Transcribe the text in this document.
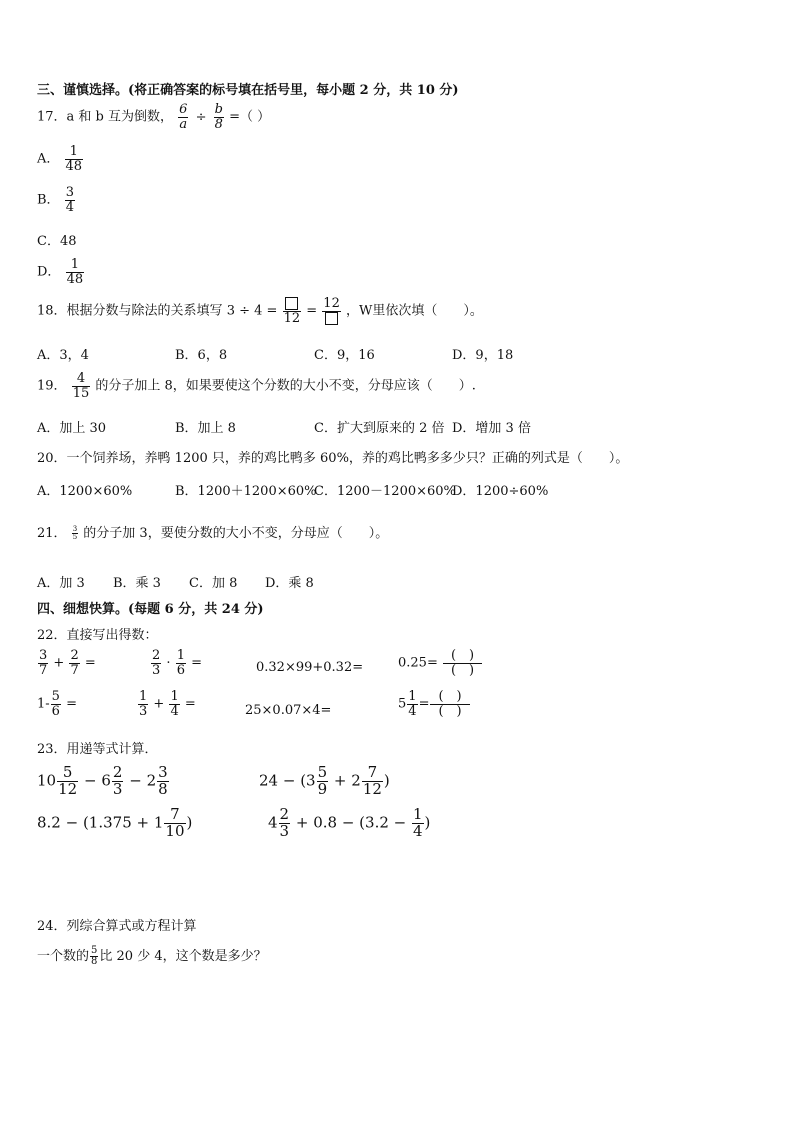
三、谨慎选择。(将正确答案的标号填在括号里，每小题 2 分，共 10 分)
17．a 和 b 互为倒数， $\frac{6}{a} \div \frac{b}{8}$ =（ ）
A． $\frac{1}{48}$
B． $\frac{3}{4}$
C．48
D． $\frac{1}{48}$
18．根据分数与除法的关系填写 3 ÷ 4 = 12 =
12
，W里依次填（　　）。
A．3，4	B．6，8	C．9，16	D．9，18
19． $\frac{4}{15}$ 的分子加上 8，如果要使这个分数的大小不变，分母应该（　　）.
A．加上 30	B．加上 8	C．扩大到原来的 2 倍 D．增加 3 倍
20．一个饲养场，养鸭 1200 只，养的鸡比鸭多 60%，养的鸡比鸭多多少只？正确的列式是（　　）。
A．1200×60%	B．1200＋1200×60%
C．1200－1200×60%
D．1200÷60%
21． $\frac{3}{5}$ 的分子加 3，要使分数的大小不变，分母应（　　）。
A．加 3 B．乘 3 C．加 8 D．乘 8
四、细想快算。(每题 6 分，共 24 分)
22．直接写出得数：
$\frac{3}{7} + \frac{2}{7}$ =	$\frac{2}{3} \cdot \frac{1}{6}$ =	0.32×99+0.32=	$0.25= \frac{( )}{( )}$
$1- \frac{5}{6}$ =	$\frac{1}{3} + \frac{1}{4}$ =	25×0.07×4=	$5 \frac{1}{4} = \frac{( )}{( )}$
23．用递等式计算．
$10 \frac{5}{12} - 6 \frac{2}{3} - 2 \frac{3}{8}$	$24 - (3 \frac{5}{9} + 2 \frac{7}{12}$ )
$8.2 - (1.375 + 1 \frac{7}{10}$ )	$4 \frac{2}{3} + 0.8 - (3.2 - \frac{1}{4}$ )
24．列综合算式或方程计算
一个数的 $\frac{5}{8}$ 比 20 少 4，这个数是多少？
